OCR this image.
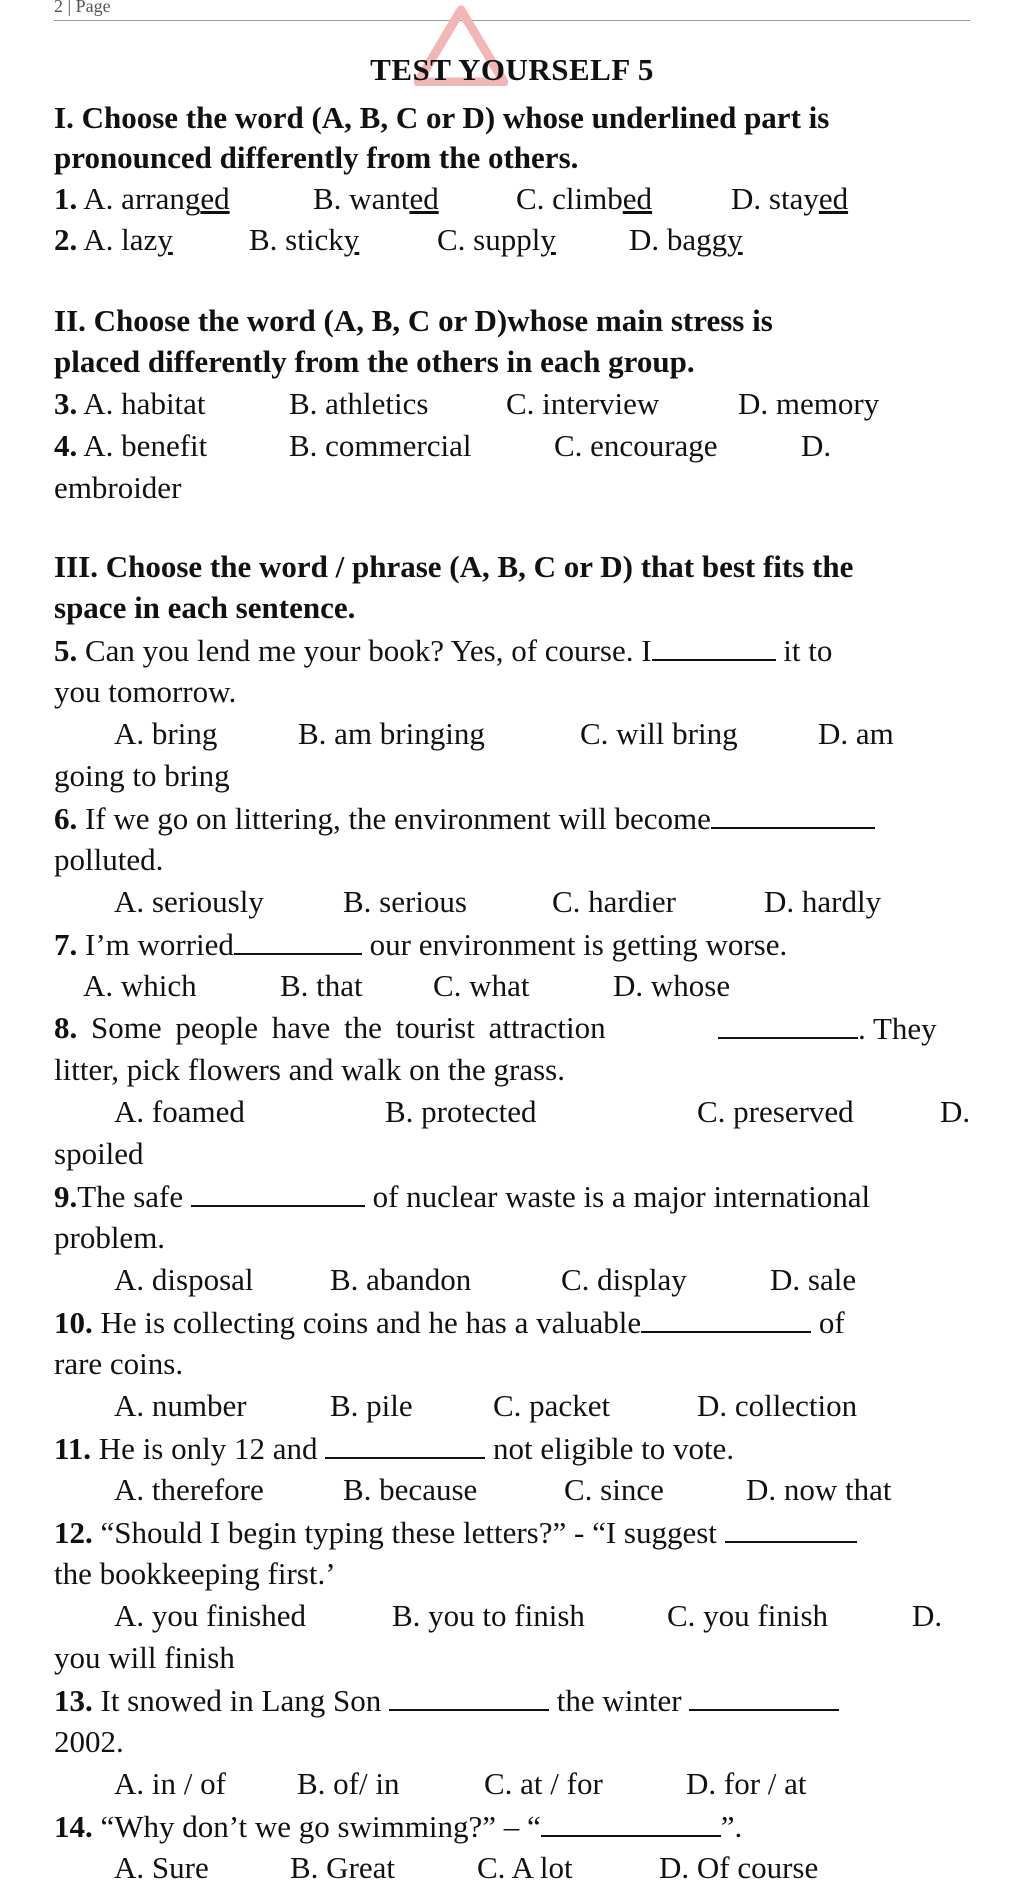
2 | Page
TEST YOURSELF 5
I. Choose the word (A, B, C or D) whose underlined part is
pronounced differently from the others.
1. A. arranged	B. wanted C. climbed	D. stayed
2. A. lazy B. sticky	C. supply D. baggy
II. Choose the word (A, B, C or D)whose main stress is
placed differently from the others in each group.
3. A. habitat	B. athletics	C. interview	D. memory
4. A. benefit	B. commercial	C. encourage	D.
embroider
III. Choose the word / phrase (A, B, C or D) that best fits the
space in each sentence.
5. Can you lend me your book? Yes, of course. I	it to
you tomorrow.
A. bring	B. am bringing	C. will bring	D. am
going to bring
6. If we go on littering, the environment will become
polluted.
A. seriously	B. serious	C. hardier	D. hardly
7. I’m worried	our environment is getting worse.
A. which	B. that C. what	D. whose
8. Some people have the tourist attraction	. They
litter, pick flowers and walk on the grass.
A. foamed	B. protected	C. preserved	D.
spoiled
9.The safe	of nuclear waste is a major international
problem.
A. disposal B. abandon	C. display	D. sale
10. He is collecting coins and he has a valuable	of
rare coins.
A. number	B. pile	C. packet	D. collection
11. He is only 12 and	not eligible to vote.
A. therefore	B. because	C. since	D. now that
12. “Should I begin typing these letters?” - “I suggest
the bookkeeping first.’
A. you finished	B. you to finish	C. you finish	D.
you will finish
13. It snowed in Lang Son	the winter
2002.
A. in / of B. of/ in	C. at / for	D. for / at
14. “Why don’t we go swimming?” – “	”.
A. Sure	B. Great	C. A lot	D. Of course
